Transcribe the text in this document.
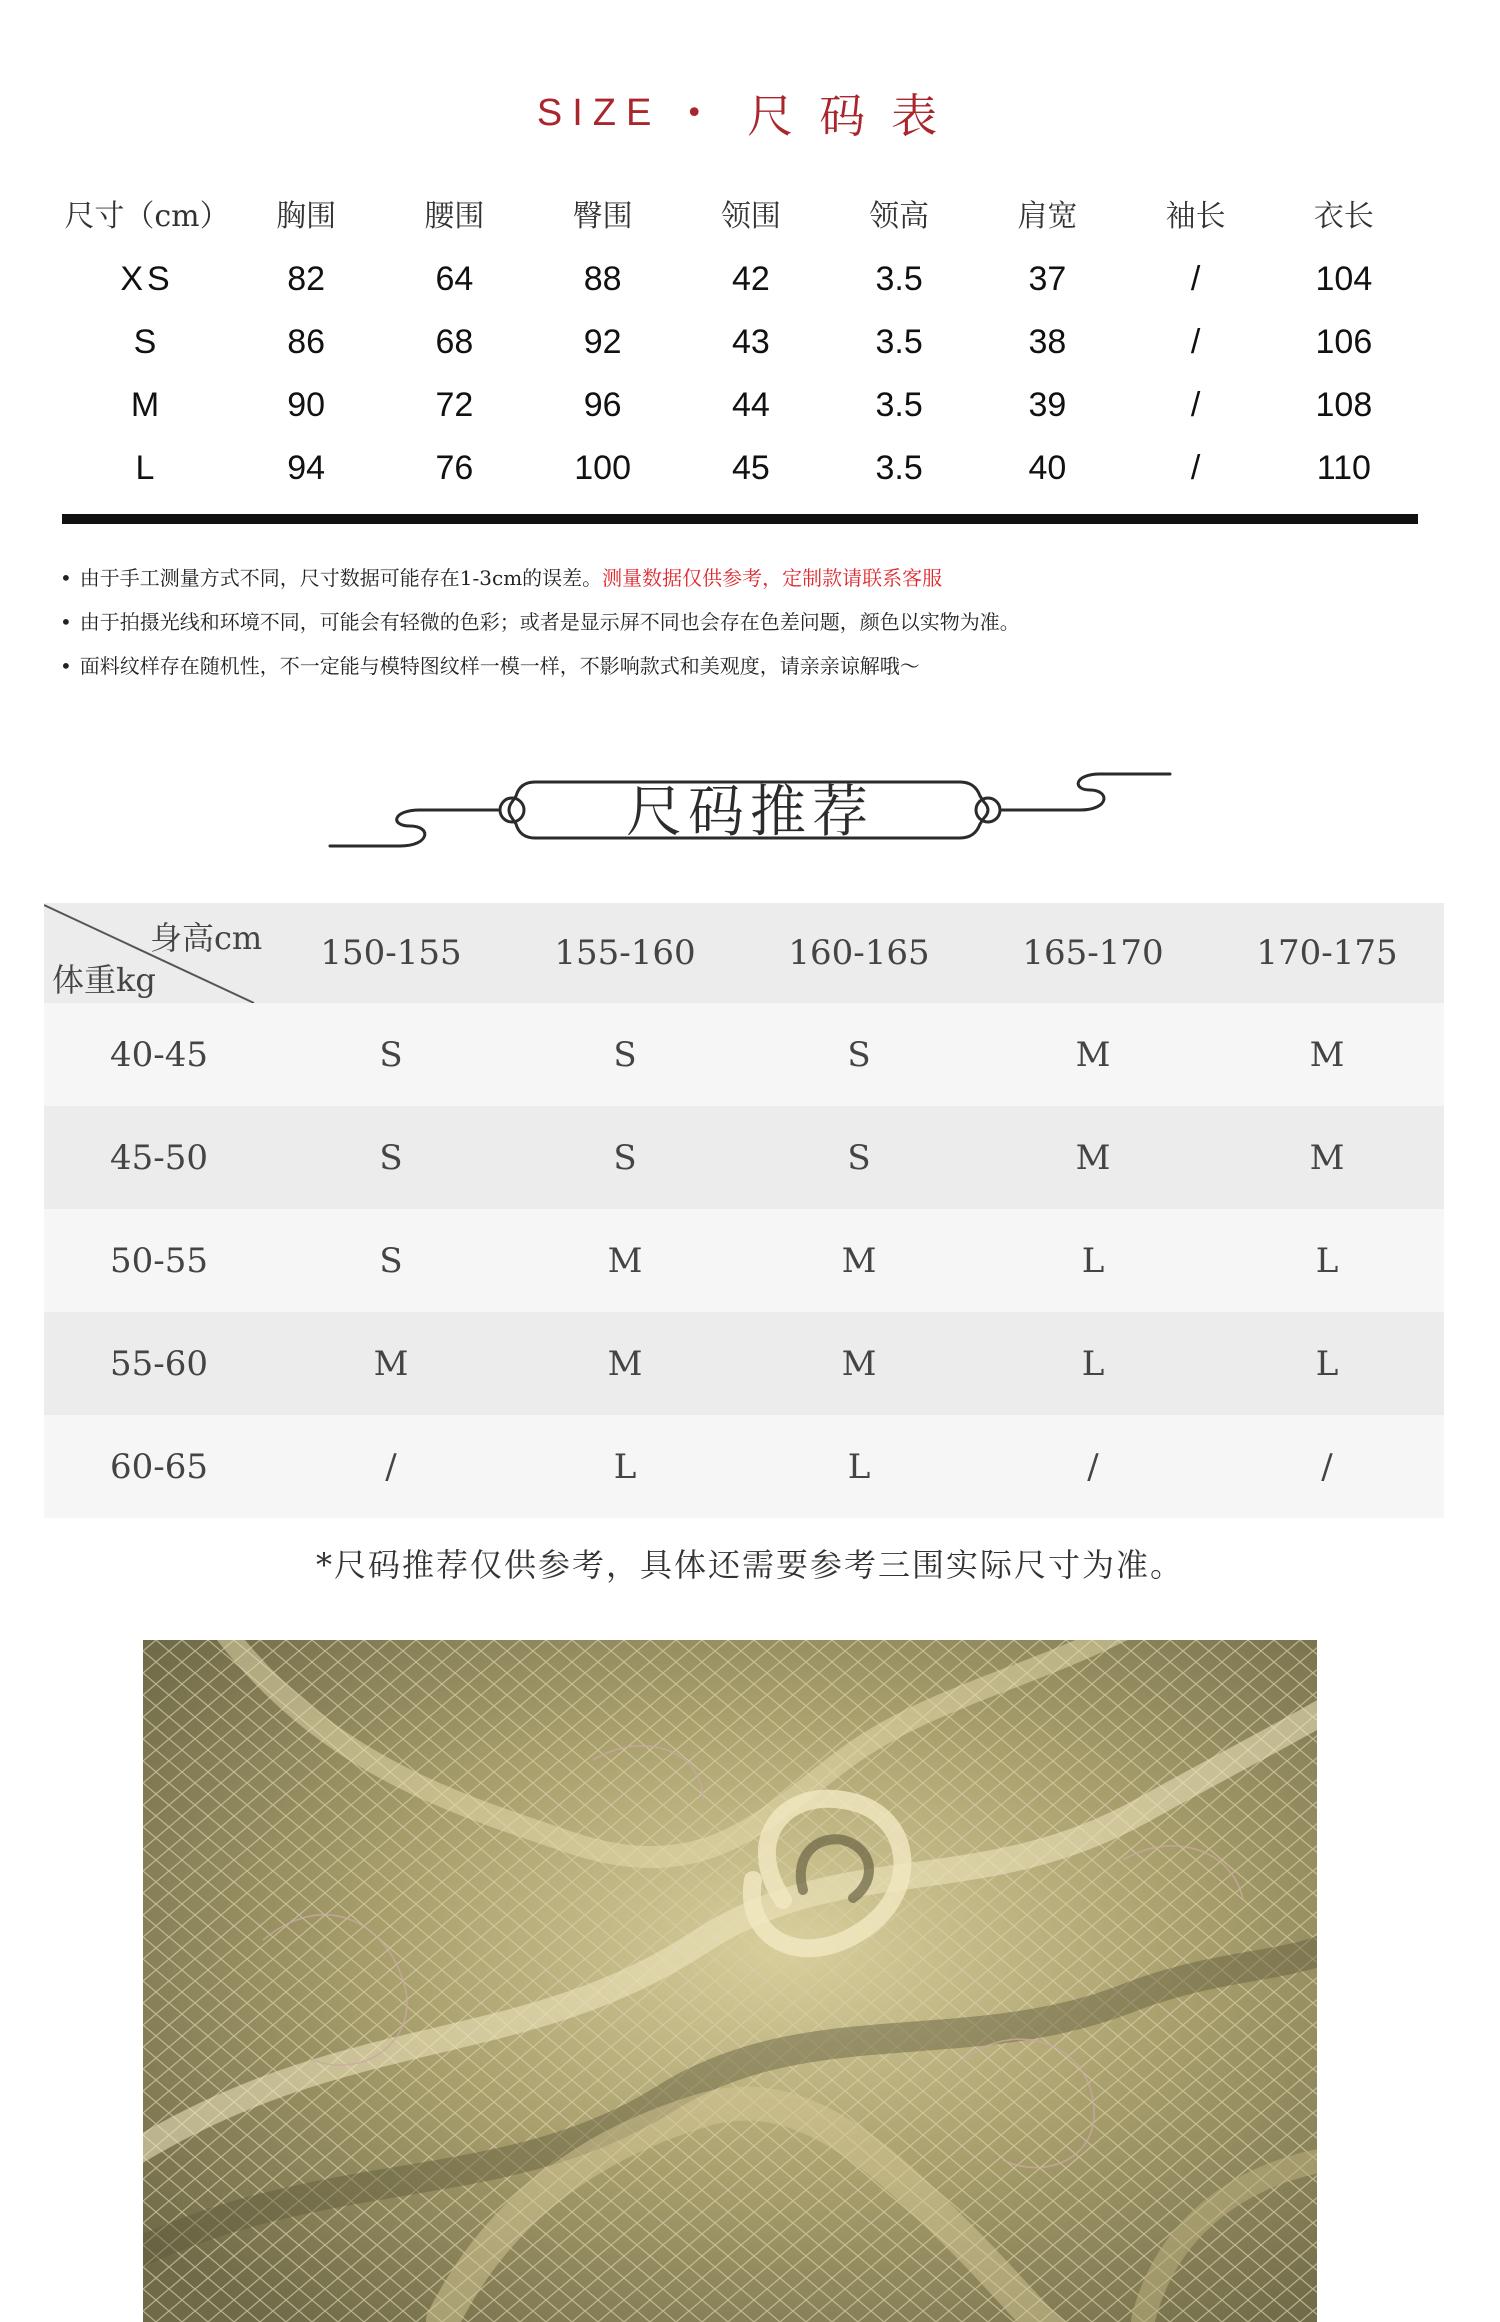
SIZE • 尺码表
尺寸（cm）	胸围	腰围	臀围	领围	领高	肩宽	袖长	衣长
XS	82	64	88	42	3.5	37	/	104
S	86	68	92	43	3.5	38	/	106
M	90	72	96	44	3.5	39	/	108
L	94	76	100	45	3.5	40	/	110
• 由于手工测量方式不同，尺寸数据可能存在1-3cm的误差。测量数据仅供参考，定制款请联系客服
• 由于拍摄光线和环境不同，可能会有轻微的色彩；或者是显示屏不同也会存在色差问题，颜色以实物为准。
• 面料纹样存在随机性，不一定能与模特图纹样一模一样，不影响款式和美观度，请亲亲谅解哦～
尺码推荐
身高cm
体重kg	150-155	155-160	160-165	165-170	170-175
40-45	S	S	S	M	M
45-50	S	S	S	M	M
50-55	S	M	M	L	L
55-60	M	M	M	L	L
60-65	/	L	L	/	/
*尺码推荐仅供参考，具体还需要参考三围实际尺寸为准。
